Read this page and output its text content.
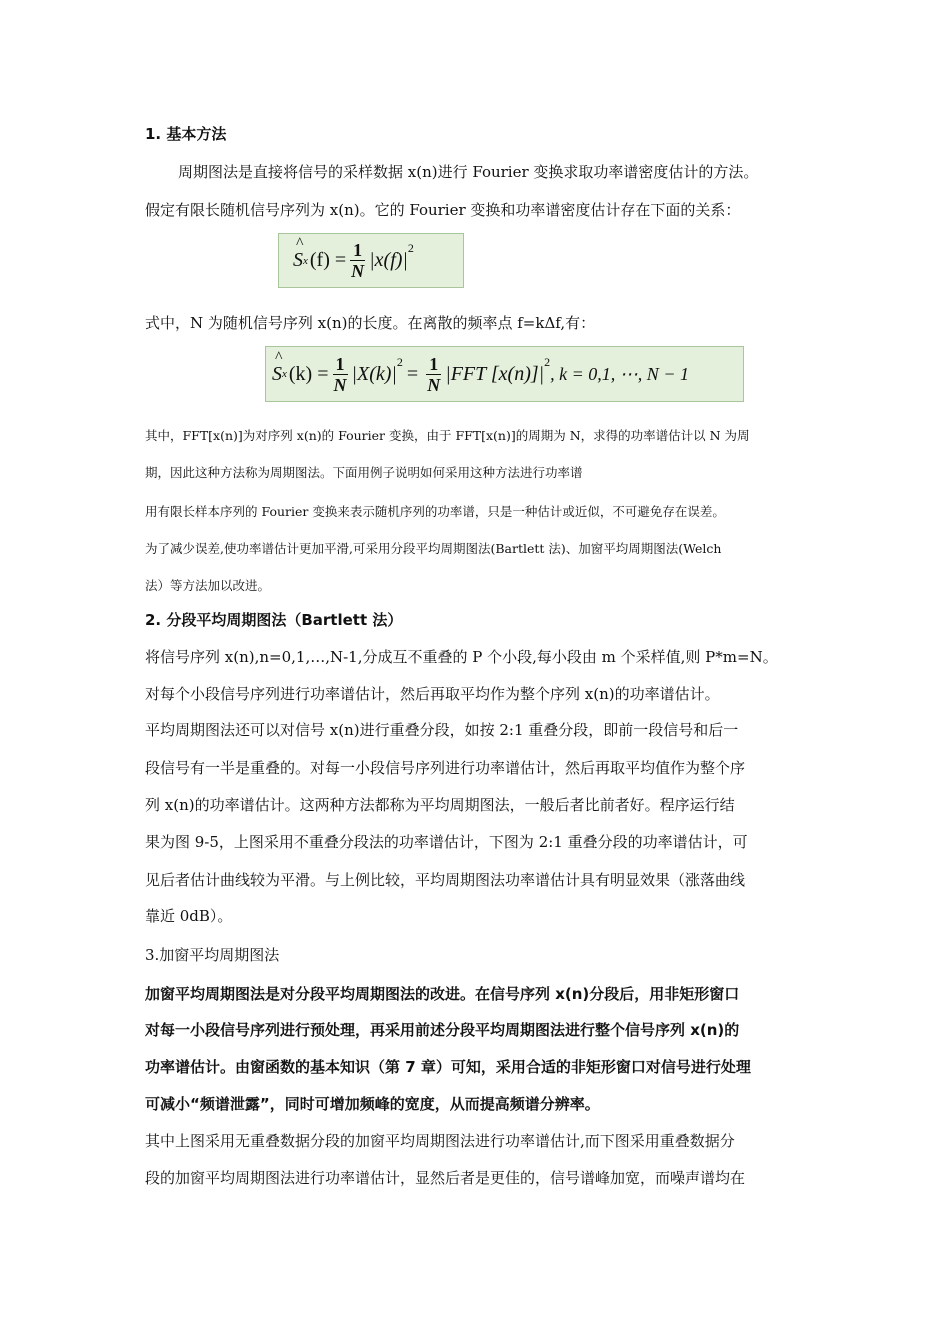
1. 基本方法
周期图法是直接将信号的采样数据 x(n)进行 Fourier 变换求取功率谱密度估计的方法。
假定有限长随机信号序列为 x(n)。它的 Fourier 变换和功率谱密度估计存在下面的关系：
^ S x $(f) = \frac{1}{N} |x(f)|$
2
式中，N 为随机信号序列 x(n)的长度。在离散的频率点 f=kΔf,有：
^ S x $(k) = \frac{1}{N} |X(k)|$
2
= $\frac{1}{N} |FFT$ [x(n)]|
2
, k = 0,1, ⋯, N − 1
其中，FFT[x(n)]为对序列 x(n)的 Fourier 变换，由于 FFT[x(n)]的周期为 N，求得的功率谱估计以 N 为周
期，因此这种方法称为周期图法。下面用例子说明如何采用这种方法进行功率谱
用有限长样本序列的 Fourier 变换来表示随机序列的功率谱，只是一种估计或近似，不可避免存在误差。
为了减少误差,使功率谱估计更加平滑,可采用分段平均周期图法(Bartlett 法)、加窗平均周期图法(Welch
法）等方法加以改进。
2. 分段平均周期图法（Bartlett 法）
将信号序列 x(n),n=0,1,…,N-1,分成互不重叠的 P 个小段,每小段由 m 个采样值,则 P*m=N。
对每个小段信号序列进行功率谱估计，然后再取平均作为整个序列 x(n)的功率谱估计。
平均周期图法还可以对信号 x(n)进行重叠分段，如按 2:1 重叠分段，即前一段信号和后一
段信号有一半是重叠的。对每一小段信号序列进行功率谱估计，然后再取平均值作为整个序
列 x(n)的功率谱估计。这两种方法都称为平均周期图法，一般后者比前者好。程序运行结
果为图 9-5，上图采用不重叠分段法的功率谱估计，下图为 2:1 重叠分段的功率谱估计，可
见后者估计曲线较为平滑。与上例比较，平均周期图法功率谱估计具有明显效果（涨落曲线
靠近 0dB）。
3.加窗平均周期图法
加窗平均周期图法是对分段平均周期图法的改进。在信号序列 x(n)分段后，用非矩形窗口
对每一小段信号序列进行预处理，再采用前述分段平均周期图法进行整个信号序列 x(n)的
功率谱估计。由窗函数的基本知识（第 7 章）可知，采用合适的非矩形窗口对信号进行处理
可减小“频谱泄露”，同时可增加频峰的宽度，从而提高频谱分辨率。
其中上图采用无重叠数据分段的加窗平均周期图法进行功率谱估计,而下图采用重叠数据分
段的加窗平均周期图法进行功率谱估计，显然后者是更佳的，信号谱峰加宽，而噪声谱均在
